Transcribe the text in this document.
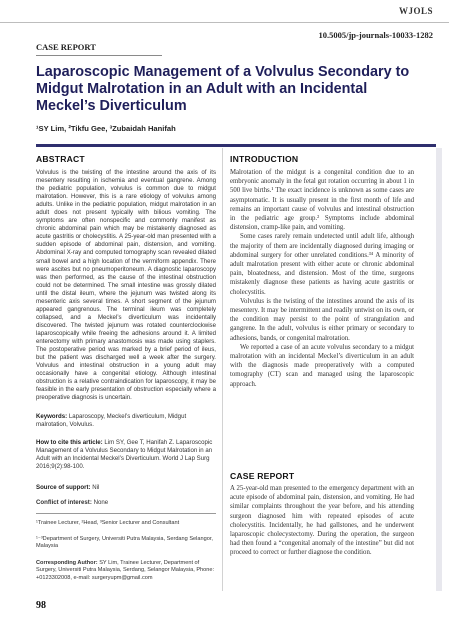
WJOLS
10.5005/jp-journals-10033-1282
CASE REPORT
Laparoscopic Management of a Volvulus Secondary to Midgut Malrotation in an Adult with an Incidental Meckel’s Diverticulum
¹SY Lim, ²Tikfu Gee, ³Zubaidah Hanifah
ABSTRACT
Volvulus is the twisting of the intestine around the axis of its mesentery resulting in ischemia and eventual gangrene. Among the pediatric population, volvulus is common due to midgut malrotation. However, this is a rare etiology of volvulus among adults. Unlike in the pediatric population, midgut malrotation in an adult does not present typically with bilious vomiting. The symptoms are often nonspecific and commonly manifest as chronic abdominal pain which may be mistakenly diagnosed as acute gastritis or cholecystitis. A 25-year-old man presented with a sudden episode of abdominal pain, distension, and vomiting. Abdominal X-ray and computed tomography scan revealed dilated small bowel and a high location of the vermiform appendix. There were ascites but no pneumoperitoneum. A diagnostic laparoscopy was then performed, as the cause of the intestinal obstruction could not be determined. The small intestine was grossly dilated until the distal ileum, where the jejunum was twisted along its mesenteric axis several times. A short segment of the jejunum appeared gangrenous. The terminal ileum was completely collapsed, and a Meckel’s diverticulum was incidentally discovered. The twisted jejunum was rotated counterclockwise laparoscopically while freeing the adhesions around it. A limited enterectomy with primary anastomosis was made using staplers. The postoperative period was marked by a brief period of ileus, but the patient was discharged well a week after the surgery. Volvulus and intestinal obstruction in a young adult may occasionally have a congenital etiology. Although intestinal obstruction is a relative contraindication for laparoscopy, it may be feasible in the early presentation of obstruction especially where a preoperative diagnosis is uncertain.
Keywords: Laparoscopy, Meckel’s diverticulum, Midgut malrotation, Volvulus.
How to cite this article: Lim SY, Gee T, Hanifah Z. Laparoscopic Management of a Volvulus Secondary to Midgut Malrotation in an Adult with an Incidental Meckel’s Diverticulum. World J Lap Surg 2016;9(2):98-100.
Source of support: Nil
Conflict of interest: None
¹Trainee Lecturer, ²Head, ³Senior Lecturer and Consultant
¹⁻³Department of Surgery, Universiti Putra Malaysia, Serdang Selangor, Malaysia
Corresponding Author: SY Lim, Trainee Lecturer, Department of Surgery, Universiti Putra Malaysia, Serdang, Selangor Malaysia, Phone: +0123302008, e-mail: surgeryupm@gmail.com
98
INTRODUCTION

Malrotation of the midgut is a congenital condition due to an embryonic anomaly in the fetal gut rotation occurring in about 1 in 500 live births.¹ The exact incidence is unknown as some cases are asymptomatic. It is usually present in the first month of life and remains an important cause of volvulus and intestinal obstruction in the pediatric age group.² Symptoms include abdominal distension, cramp-like pain, and vomiting.

Some cases rarely remain undetected until adult life, although the majority of them are incidentally diagnosed during imaging or abdominal surgery for other unrelated conditions.³⁴ A minority of adult malrotation present with either acute or chronic abdominal pain, bloatedness, and distension. Most of the time, surgeons mistakenly diagnose these patients as having acute gastritis or cholecystitis.

Volvulus is the twisting of the intestines around the axis of its mesentery. It may be intermittent and readily untwist on its own, or the condition may persist to the point of strangulation and gangrene. In the adult, volvulus is either primary or secondary to adhesions, bands, or congenital malrotation.

We reported a case of an acute volvulus secondary to a midgut malrotation with an incidental Meckel’s diverticulum in an adult with the diagnosis made preoperatively with a computed tomography (CT) scan and managed using the laparoscopic approach.

CASE REPORT

A 25-year-old man presented to the emergency department with an acute episode of abdominal pain, distension, and vomiting. He had similar complaints throughout the year before, and his attending surgeon diagnosed him with repeated episodes of acute cholecystitis. Incidentally, he had gallstones, and he underwent laparoscopic cholecystectomy. During the operation, the surgeon had then found a “congenital anomaly of the intestine” but did not proceed to correct or further diagnose the condition.
